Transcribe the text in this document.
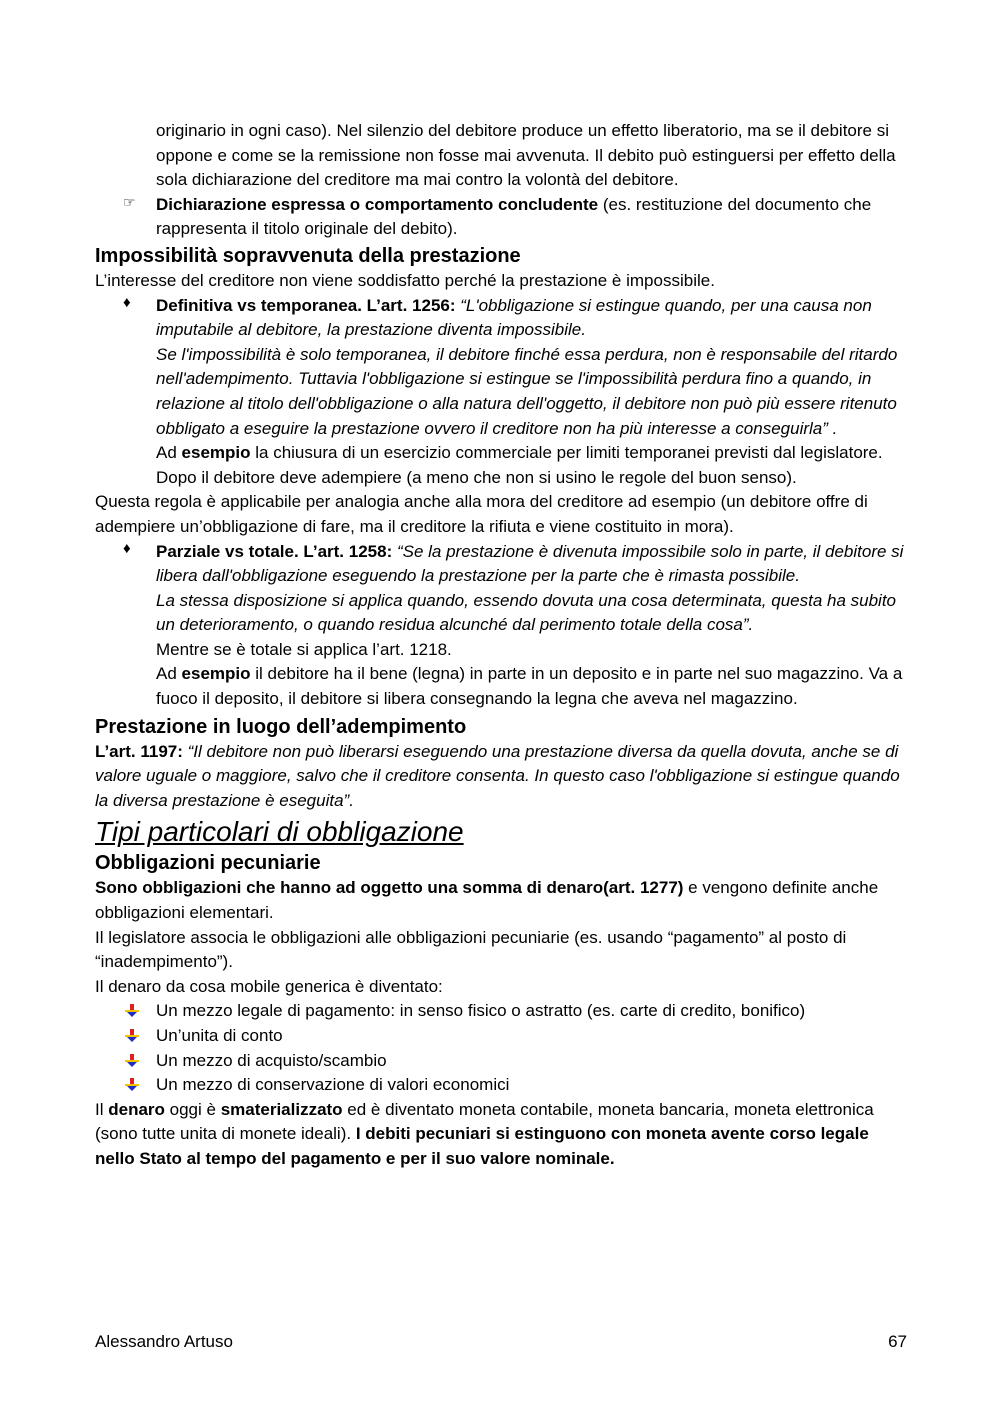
originario in ogni caso). Nel silenzio del debitore produce un effetto liberatorio, ma se il debitore si oppone e come se la remissione non fosse mai avvenuta. Il debito può estinguersi per effetto della sola dichiarazione del creditore ma mai contro la volontà del debitore.

☞ Dichiarazione espressa o comportamento concludente (es. restituzione del documento che rappresenta il titolo originale del debito).

Impossibilità sopravvenuta della prestazione

L’interesse del creditore non viene soddisfatto perché la prestazione è impossibile.

♦ Definitiva vs temporanea. L’art. 1256: “L'obbligazione si estingue quando, per una causa non imputabile al debitore, la prestazione diventa impossibile.

Se l'impossibilità è solo temporanea, il debitore finché essa perdura, non è responsabile del ritardo nell'adempimento. Tuttavia l'obbligazione si estingue se l'impossibilità perdura fino a quando, in relazione al titolo dell'obbligazione o alla natura dell'oggetto, il debitore non può più essere ritenuto obbligato a eseguire la prestazione ovvero il creditore non ha più interesse a conseguirla” .

Ad esempio la chiusura di un esercizio commerciale per limiti temporanei previsti dal legislatore. Dopo il debitore deve adempiere (a meno che non si usino le regole del buon senso).

Questa regola è applicabile per analogia anche alla mora del creditore ad esempio (un debitore offre di adempiere un’obbligazione di fare, ma il creditore la rifiuta e viene costituito in mora).

♦ Parziale vs totale. L’art. 1258: “Se la prestazione è divenuta impossibile solo in parte, il debitore si libera dall'obbligazione eseguendo la prestazione per la parte che è rimasta possibile.

La stessa disposizione si applica quando, essendo dovuta una cosa determinata, questa ha subito un deterioramento, o quando residua alcunché dal perimento totale della cosa”.

Mentre se è totale si applica l’art. 1218.

Ad esempio il debitore ha il bene (legna) in parte in un deposito e in parte nel suo magazzino. Va a fuoco il deposito, il debitore si libera consegnando la legna che aveva nel magazzino.

Prestazione in luogo dell’adempimento

L’art. 1197: “Il debitore non può liberarsi eseguendo una prestazione diversa da quella dovuta, anche se di valore uguale o maggiore, salvo che il creditore consenta. In questo caso l'obbligazione si estingue quando la diversa prestazione è eseguita”.

Tipi particolari di obbligazione

Obbligazioni pecuniarie

Sono obbligazioni che hanno ad oggetto una somma di denaro(art. 1277) e vengono definite anche obbligazioni elementari.

Il legislatore associa le obbligazioni alle obbligazioni pecuniarie (es. usando “pagamento” al posto di “inadempimento”).

Il denaro da cosa mobile generica è diventato:

Un mezzo legale di pagamento: in senso fisico o astratto (es. carte di credito, bonifico)

Un’unita di conto

Un mezzo di acquisto/scambio

Un mezzo di conservazione di valori economici

Il denaro oggi è smaterializzato ed è diventato moneta contabile, moneta bancaria, moneta elettronica (sono tutte unita di monete ideali). I debiti pecuniari si estinguono con moneta avente corso legale nello Stato al tempo del pagamento e per il suo valore nominale.

Alessandro Artuso	67
